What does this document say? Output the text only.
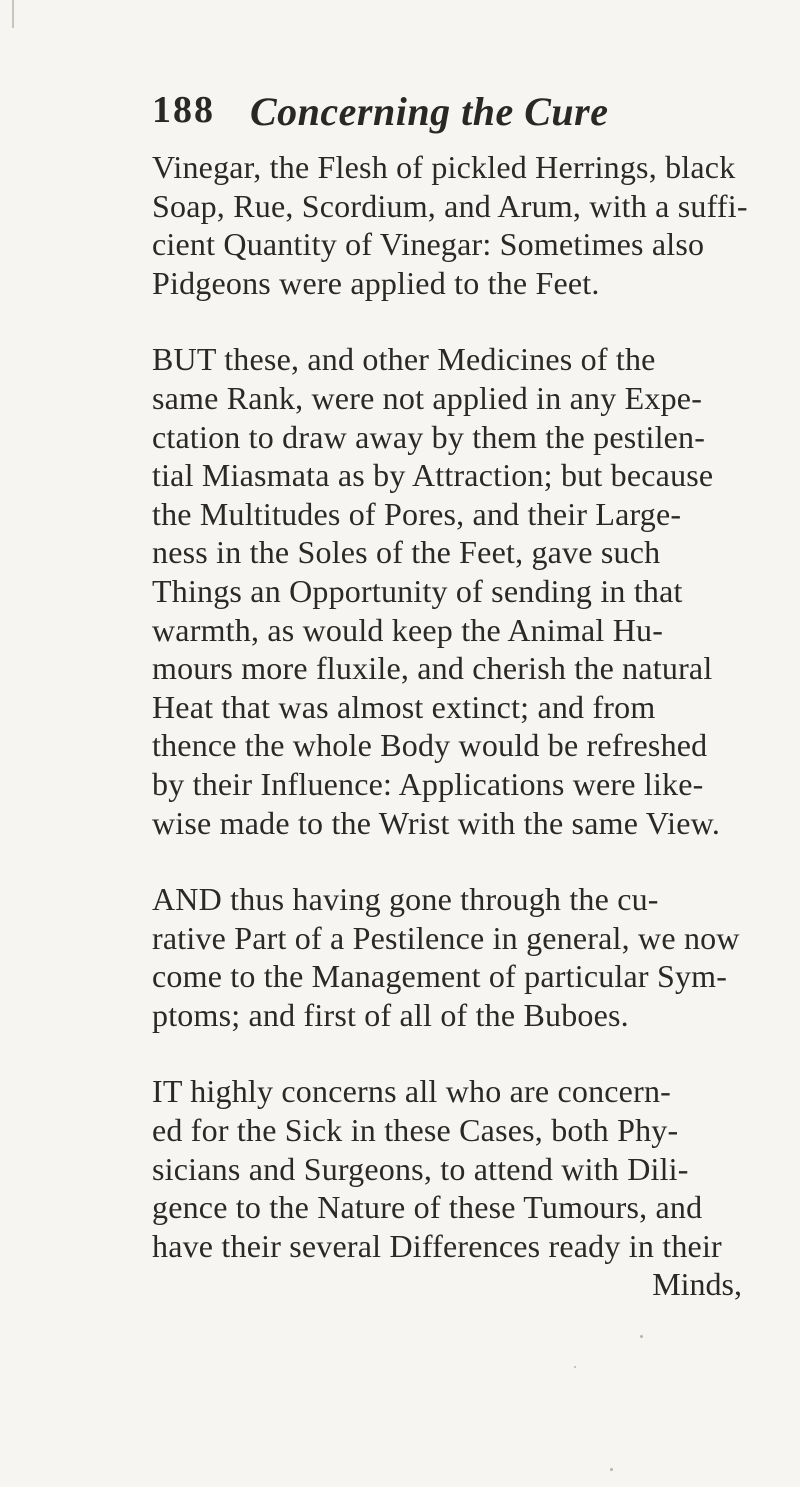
188 Concerning the Cure

Vinegar, the Flesh of pickled Herrings, black
Soap, Rue, Scordium, and Arum, with a suffi-
cient Quantity of Vinegar: Sometimes also
Pidgeons were applied to the Feet.

BUT these, and other Medicines of the
same Rank, were not applied in any Expe-
ctation to draw away by them the pestilen-
tial Miasmata as by Attraction; but because
the Multitudes of Pores, and their Large-
ness in the Soles of the Feet, gave such
Things an Opportunity of sending in that
warmth, as would keep the Animal Hu-
mours more fluxile, and cherish the natural
Heat that was almost extinct; and from
thence the whole Body would be refreshed
by their Influence: Applications were like-
wise made to the Wrist with the same View.

AND thus having gone through the cu-
rative Part of a Pestilence in general, we now
come to the Management of particular Sym-
ptoms; and first of all of the Buboes.

IT highly concerns all who are concern-
ed for the Sick in these Cases, both Phy-
sicians and Surgeons, to attend with Dili-
gence to the Nature of these Tumours, and
have their several Differences ready in their

Minds,
